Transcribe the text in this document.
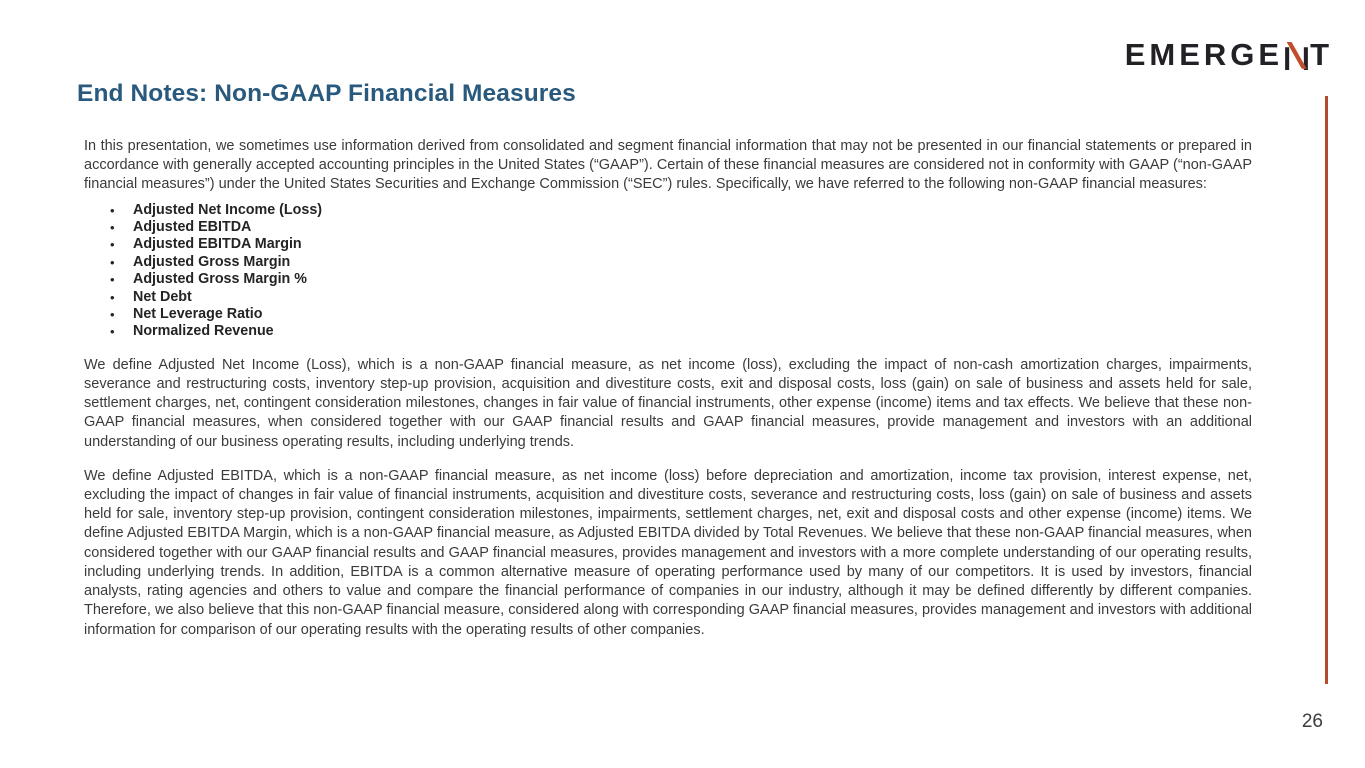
EMERGE T
End Notes: Non-GAAP Financial Measures

In this presentation, we sometimes use information derived from consolidated and segment financial information that may not be presented in our financial statements or prepared in accordance with generally accepted accounting principles in the United States (“GAAP”). Certain of these financial measures are considered not in conformity with GAAP (“non-GAAP financial measures”) under the United States Securities and Exchange Commission (“SEC”) rules. Specifically, we have referred to the following non-GAAP financial measures:

• Adjusted Net Income (Loss)
• Adjusted EBITDA
• Adjusted EBITDA Margin
• Adjusted Gross Margin
• Adjusted Gross Margin %
• Net Debt
• Net Leverage Ratio
• Normalized Revenue

We define Adjusted Net Income (Loss), which is a non-GAAP financial measure, as net income (loss), excluding the impact of non-cash amortization charges, impairments, severance and restructuring costs, inventory step-up provision, acquisition and divestiture costs, exit and disposal costs, loss (gain) on sale of business and assets held for sale, settlement charges, net, contingent consideration milestones, changes in fair value of financial instruments, other expense (income) items and tax effects. We believe that these non-GAAP financial measures, when considered together with our GAAP financial results and GAAP financial measures, provide management and investors with an additional understanding of our business operating results, including underlying trends.

We define Adjusted EBITDA, which is a non-GAAP financial measure, as net income (loss) before depreciation and amortization, income tax provision, interest expense, net, excluding the impact of changes in fair value of financial instruments, acquisition and divestiture costs, severance and restructuring costs, loss (gain) on sale of business and assets held for sale, inventory step-up provision, contingent consideration milestones, impairments, settlement charges, net, exit and disposal costs and other expense (income) items. We define Adjusted EBITDA Margin, which is a non-GAAP financial measure, as Adjusted EBITDA divided by Total Revenues. We believe that these non-GAAP financial measures, when considered together with our GAAP financial results and GAAP financial measures, provides management and investors with a more complete understanding of our operating results, including underlying trends. In addition, EBITDA is a common alternative measure of operating performance used by many of our competitors. It is used by investors, financial analysts, rating agencies and others to value and compare the financial performance of companies in our industry, although it may be defined differently by different companies. Therefore, we also believe that this non-GAAP financial measure, considered along with corresponding GAAP financial measures, provides management and investors with additional information for comparison of our operating results with the operating results of other companies.

26
